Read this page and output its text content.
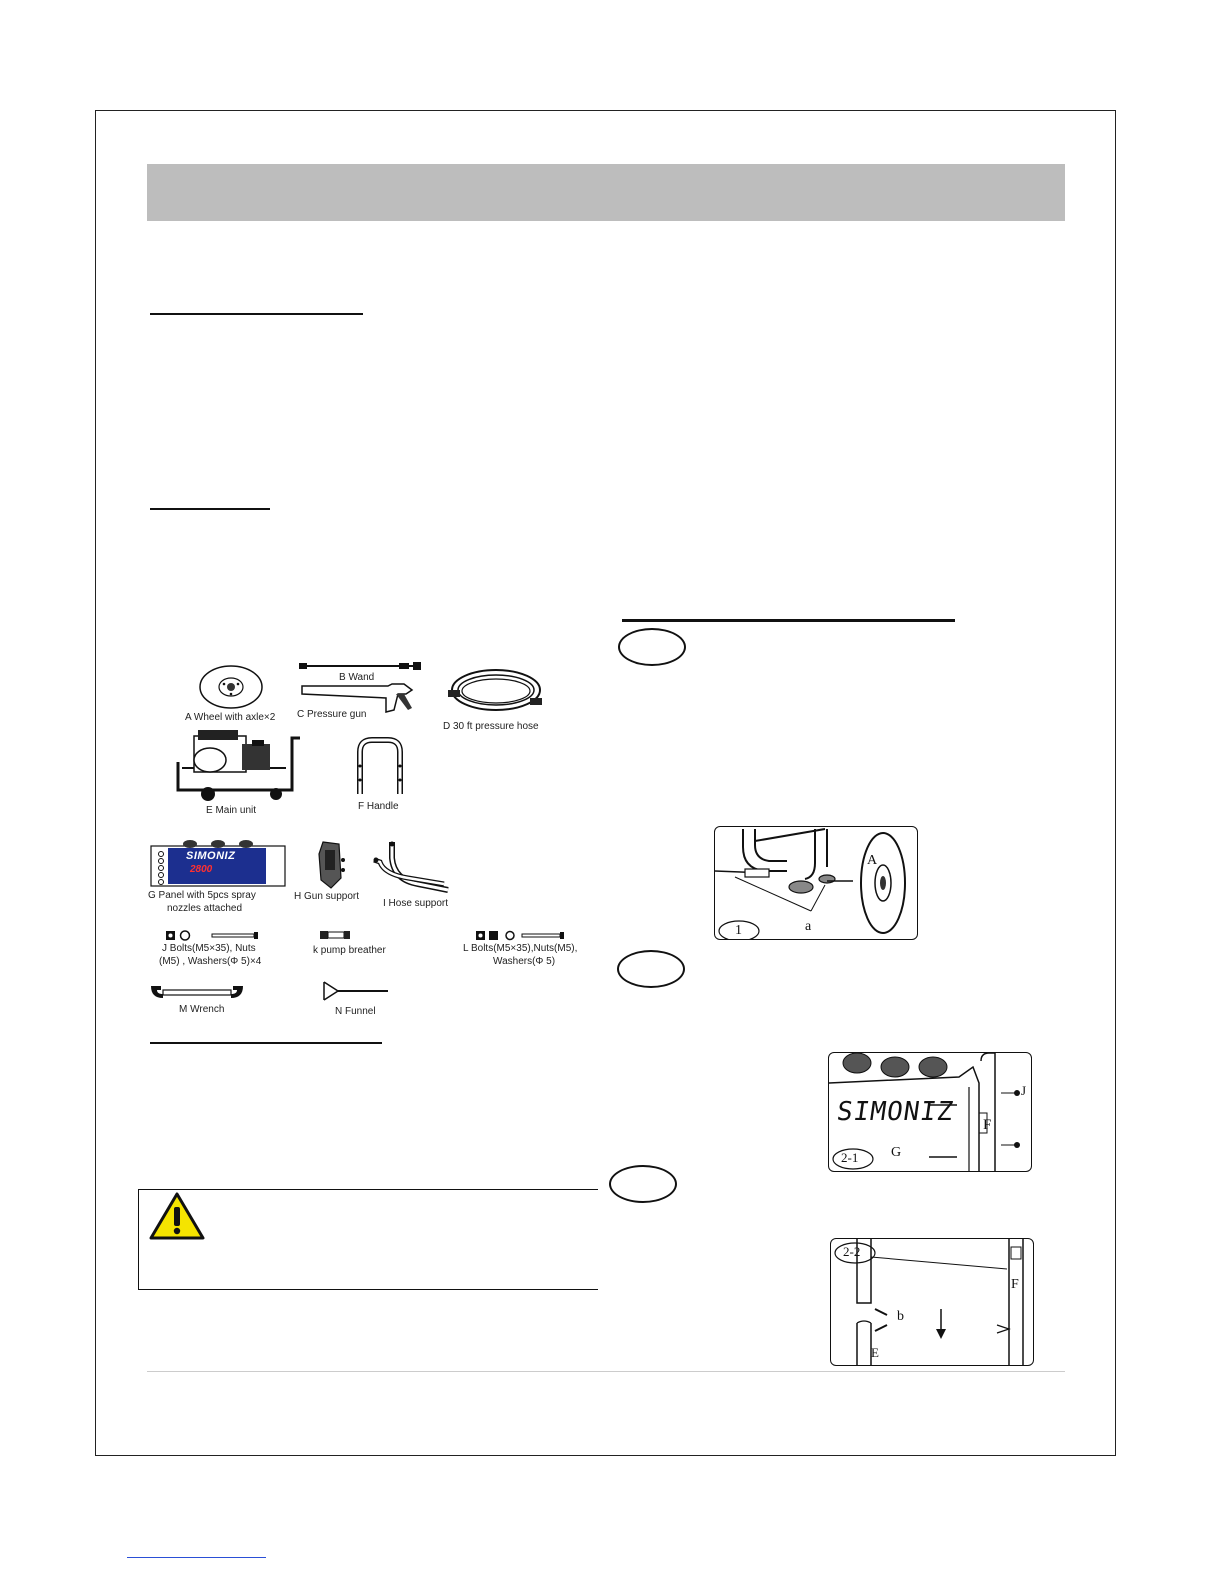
A Wheel with axle×2
B Wand
C Pressure gun
D 30 ft pressure hose
E Main unit	F Handle
SIMONIZ
2800
G Panel with 5pcs spray
nozzles attached
H Gun support
I Hose support
J Bolts(M5×35), Nuts
(M5) , Washers(Φ 5)×4
k pump breather	L Bolts(M5×35),Nuts(M5),
Washers(Φ 5)
M Wrench	N Funnel
1	a
A
SIMONIZ
2-1
F
G
J
2-2
F
b
E
